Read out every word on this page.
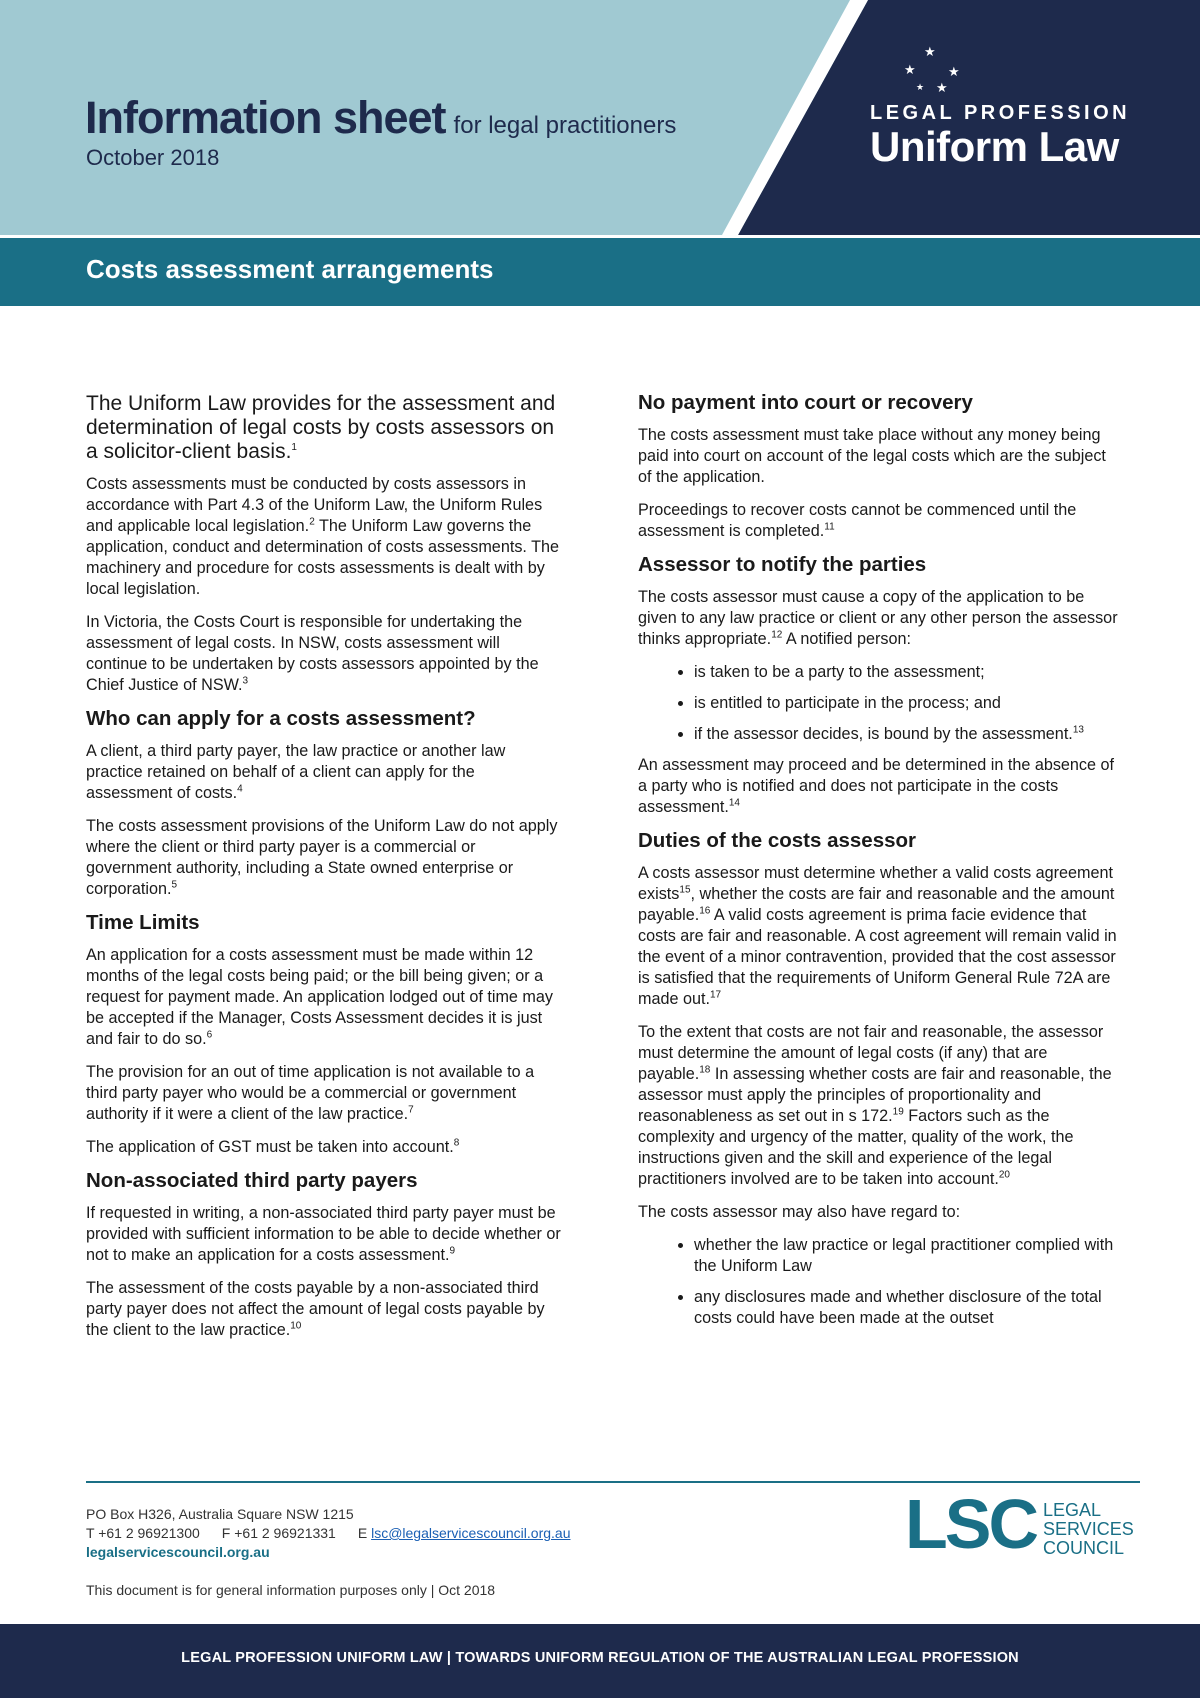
Information sheet for legal practitioners
October 2018
★
★ ★
★
★
LEGAL PROFESSION
Uniform Law
Costs assessment arrangements

The Uniform Law provides for the assessment and determination of legal costs by costs assessors on a solicitor-client basis.$^1$

Costs assessments must be conducted by costs assessors in accordance with Part 4.3 of the Uniform Law, the Uniform Rules and applicable local legislation.$^2$ The Uniform Law governs the application, conduct and determination of costs assessments. The machinery and procedure for costs assessments is dealt with by local legislation.

In Victoria, the Costs Court is responsible for undertaking the assessment of legal costs. In NSW, costs assessment will continue to be undertaken by costs assessors appointed by the Chief Justice of NSW.$^3$

Who can apply for a costs assessment?

A client, a third party payer, the law practice or another law practice retained on behalf of a client can apply for the assessment of costs.$^4$

The costs assessment provisions of the Uniform Law do not apply where the client or third party payer is a commercial or government authority, including a State owned enterprise or corporation.$^5$

Time Limits

An application for a costs assessment must be made within 12 months of the legal costs being paid; or the bill being given; or a request for payment made. An application lodged out of time may be accepted if the Manager, Costs Assessment decides it is just and fair to do so.$^6$

The provision for an out of time application is not available to a third party payer who would be a commercial or government authority if it were a client of the law practice.$^7$

The application of GST must be taken into account.$^8$

Non-associated third party payers

If requested in writing, a non-associated third party payer must be provided with sufficient information to be able to decide whether or not to make an application for a costs assessment.$^9$

The assessment of the costs payable by a non-associated third party payer does not affect the amount of legal costs payable by the client to the law practice.$^{10}$

No payment into court or recovery

The costs assessment must take place without any money being paid into court on account of the legal costs which are the subject of the application.

Proceedings to recover costs cannot be commenced until the assessment is completed.$^{11}$

Assessor to notify the parties

The costs assessor must cause a copy of the application to be given to any law practice or client or any other person the assessor thinks appropriate.$^{12}$ A notified person:

• is taken to be a party to the assessment;
• is entitled to participate in the process; and
• if the assessor decides, is bound by the assessment.$^{13}$

An assessment may proceed and be determined in the absence of a party who is notified and does not participate in the costs assessment.$^{14}$

Duties of the costs assessor

A costs assessor must determine whether a valid costs agreement exists$^{15}$, whether the costs are fair and reasonable and the amount payable.$^{16}$ A valid costs agreement is prima facie evidence that costs are fair and reasonable. A cost agreement will remain valid in the event of a minor contravention, provided that the cost assessor is satisfied that the requirements of Uniform General Rule 72A are made out.$^{17}$

To the extent that costs are not fair and reasonable, the assessor must determine the amount of legal costs (if any) that are payable.$^{18}$ In assessing whether costs are fair and reasonable, the assessor must apply the principles of proportionality and reasonableness as set out in s 172.19 Factors such as the complexity and urgency of the matter, quality of the work, the instructions given and the skill and experience of the legal practitioners involved are to be taken into account.$^{20}$

The costs assessor may also have regard to:

• whether the law practice or legal practitioner complied with the Uniform Law
• any disclosures made and whether disclosure of the total costs could have been made at the outset
PO Box H326, Australia Square NSW 1215
T +61 2 96921300 F +61 2 96921331 E lsc@legalservicescouncil.org.au
legalservicescouncil.org.au
This document is for general information purposes only | Oct 2018
LSC LEGAL
SERVICES
COUNCIL
LEGAL PROFESSION UNIFORM LAW | TOWARDS UNIFORM REGULATION OF THE AUSTRALIAN LEGAL PROFESSION
